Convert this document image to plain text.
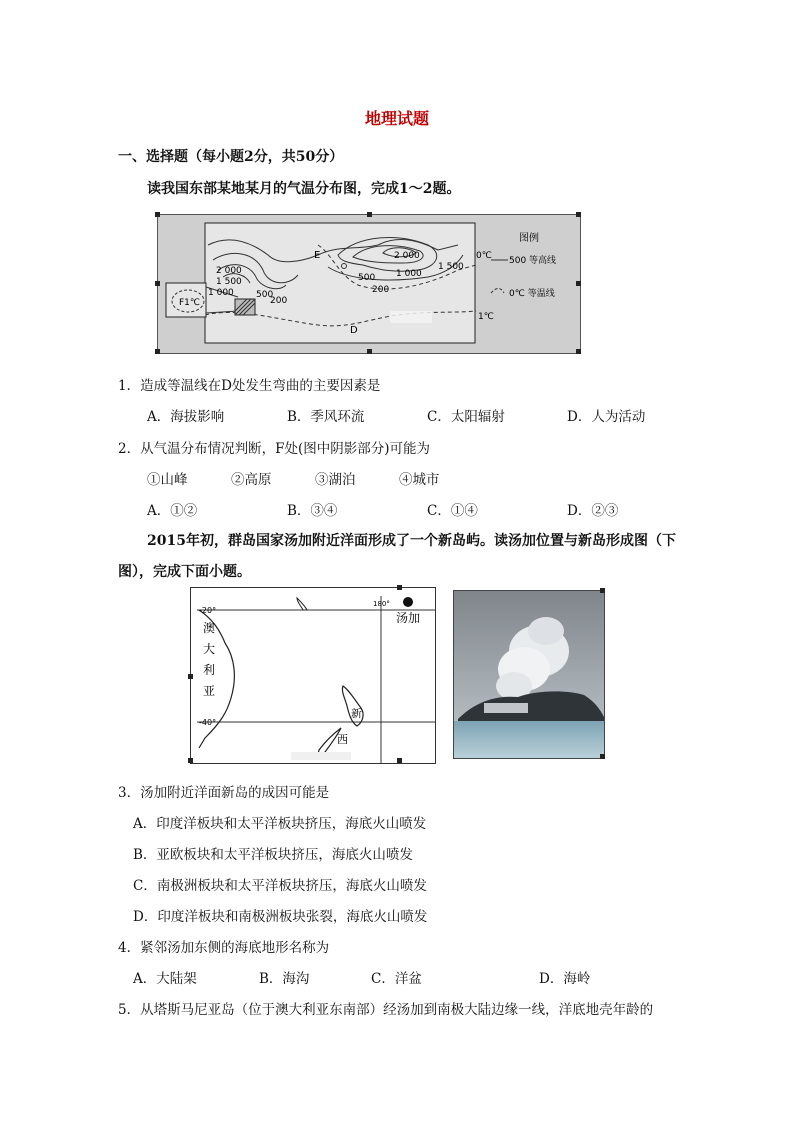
地理试题
一、选择题（每小题2分，共50分）
读我国东部某地某月的气温分布图，完成1～2题。
E
D
F1℃
2 000
1 500
1 000 500
200
2 000
500 1 000
1 500
200
0℃
1℃
图例
500 等高线
0℃ 等温线
1．造成等温线在D处发生弯曲的主要因素是
A．海拔影响	B．季风环流	C．太阳辐射	D．人为活动
2．从气温分布情况判断，F处(图中阴影部分)可能为
①山峰	②高原	③湖泊	④城市
A．①②	B．③④	C．①④	D．②③
2015年初，群岛国家汤加附近洋面形成了一个新岛屿。读汤加位置与新岛形成图（下
图），完成下面小题。
-20°
-40°
180°
汤加
澳
大
利
亚
新
西
3．汤加附近洋面新岛的成因可能是
A．印度洋板块和太平洋板块挤压，海底火山喷发
B．亚欧板块和太平洋板块挤压，海底火山喷发
C．南极洲板块和太平洋板块挤压，海底火山喷发
D．印度洋板块和南极洲板块张裂，海底火山喷发
4．紧邻汤加东侧的海底地形名称为
A．大陆架	B．海沟	C．洋盆	D．海岭
5．从塔斯马尼亚岛（位于澳大利亚东南部）经汤加到南极大陆边缘一线，洋底地壳年龄的
